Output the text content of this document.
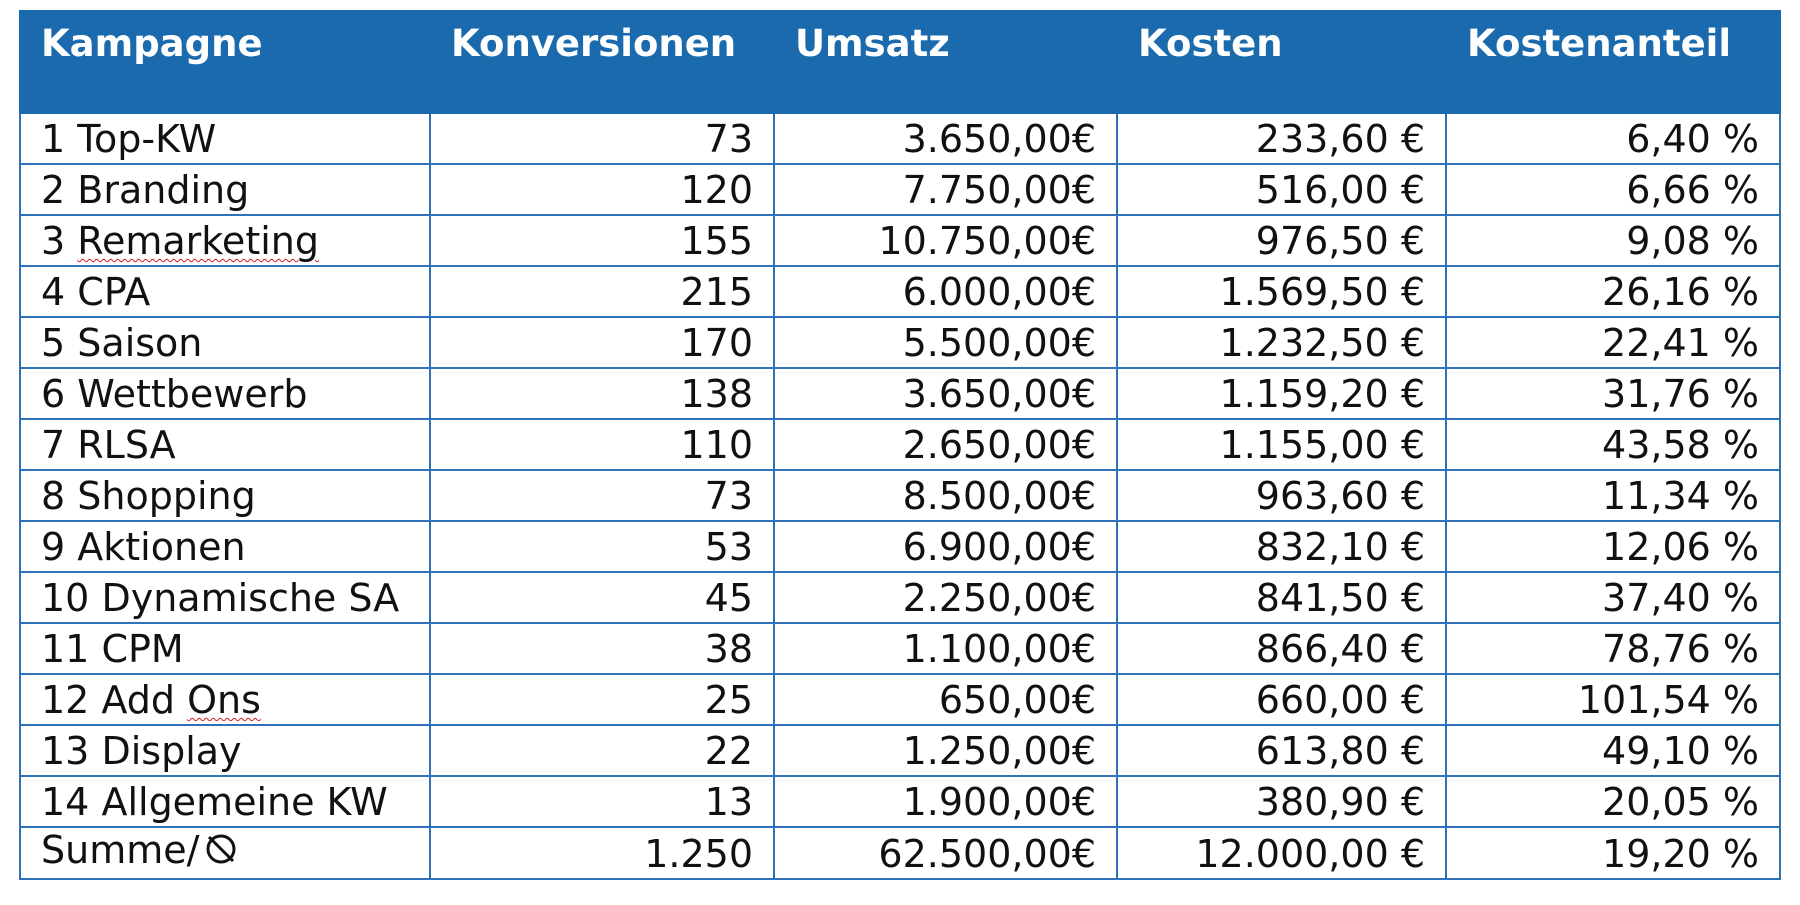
Kampagne	Konversionen	Umsatz	Kosten	Kostenanteil
1 Top-KW	73	3.650,00€	233,60 €	6,40 %
2 Branding	120	7.750,00€	516,00 €	6,66 %
3 Remarketing	155	10.750,00€	976,50 €	9,08 %
4 CPA	215	6.000,00€	1.569,50 €	26,16 %
5 Saison	170	5.500,00€	1.232,50 €	22,41 %
6 Wettbewerb	138	3.650,00€	1.159,20 €	31,76 %
7 RLSA	110	2.650,00€	1.155,00 €	43,58 %
8 Shopping	73	8.500,00€	963,60 €	11,34 %
9 Aktionen	53	6.900,00€	832,10 €	12,06 %
10 Dynamische SA	45	2.250,00€	841,50 €	37,40 %
11 CPM	38	1.100,00€	866,40 €	78,76 %
12 Add Ons	25	650,00€	660,00 €	101,54 %
13 Display	22	1.250,00€	613,80 €	49,10 %
14 Allgemeine KW	13	1.900,00€	380,90 €	20,05 %
Summe/	1.250	62.500,00€	12.000,00 €	19,20 %
